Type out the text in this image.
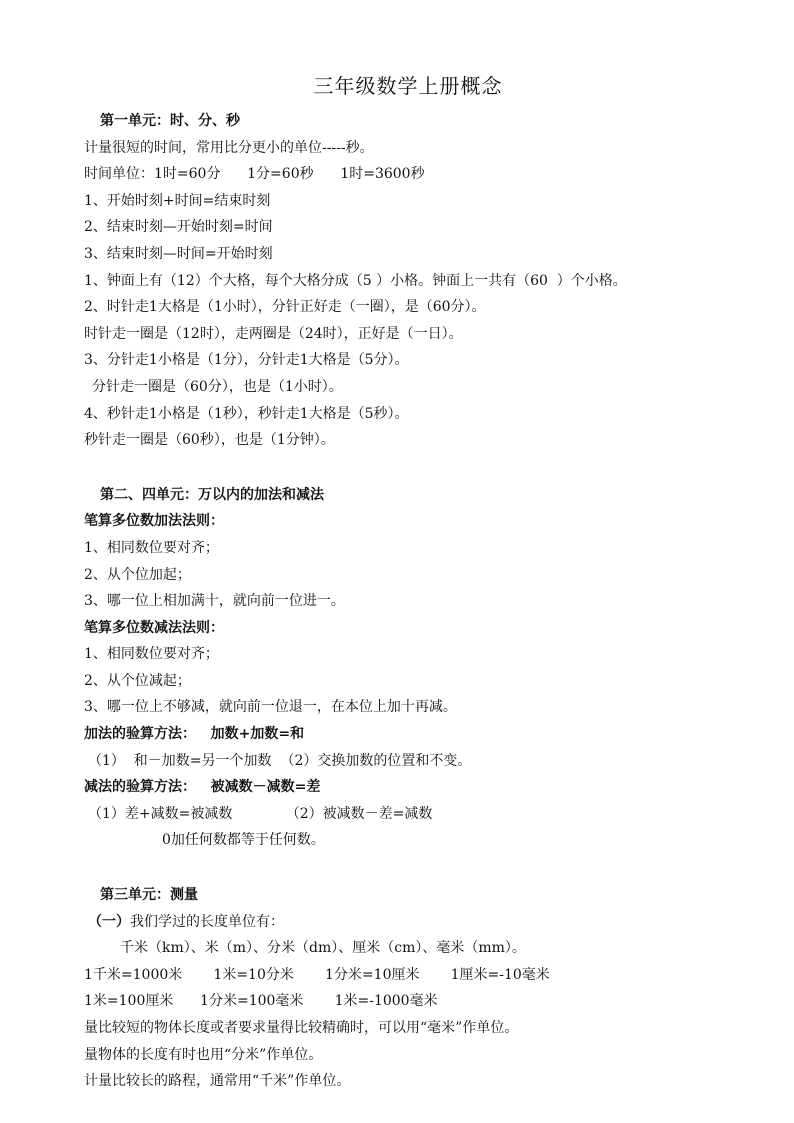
三年级数学上册概念
第一单元：时、分、秒
计量很短的时间，常用比分更小的单位-----秒。
时间单位：1时=60分      1分=60秒      1时=3600秒
1、开始时刻+时间=结束时刻
2、结束时刻—开始时刻=时间
3、结束时刻—时间=开始时刻
1、钟面上有（12）个大格，每个大格分成（5 ）小格。钟面上一共有（60  ）个小格。
2、时针走1大格是（1小时），分针正好走（一圈），是（60分）。
时针走一圈是（12时），走两圈是（24时），正好是（一日）。
3、分针走1小格是（1分），分针走1大格是（5分）。
分针走一圈是（60分），也是（1小时）。
4、秒针走1小格是（1秒），秒针走1大格是（5秒）。
秒针走一圈是（60秒），也是（1分钟）。
第二、四单元：万以内的加法和减法
笔算多位数加法法则：
1、相同数位要对齐；
2、从个位加起；
3、哪一位上相加满十，就向前一位进一。
笔算多位数减法法则：
1、相同数位要对齐；
2、从个位减起；
3、哪一位上不够减，就向前一位退一，在本位上加十再减。
加法的验算方法：   加数+加数=和
（1）  和－加数=另一个加数  （2）交换加数的位置和不变。
减法的验算方法：   被减数－减数=差
（1）差+减数=被减数            （2）被减数－差=减数
0加任何数都等于任何数。
第三单元：测量
（一）我们学过的长度单位有：
千米（km）、米（m）、分米（dm）、厘米（cm）、毫米（mm）。
1千米=1000米       1米=10分米       1分米=10厘米       1厘米=-10毫米
1米=100厘米      1分米=100毫米       1米=-1000毫米
量比较短的物体长度或者要求量得比较精确时，可以用“毫米”作单位。
量物体的长度有时也用“分米”作单位。
计量比较长的路程，通常用“千米”作单位。
